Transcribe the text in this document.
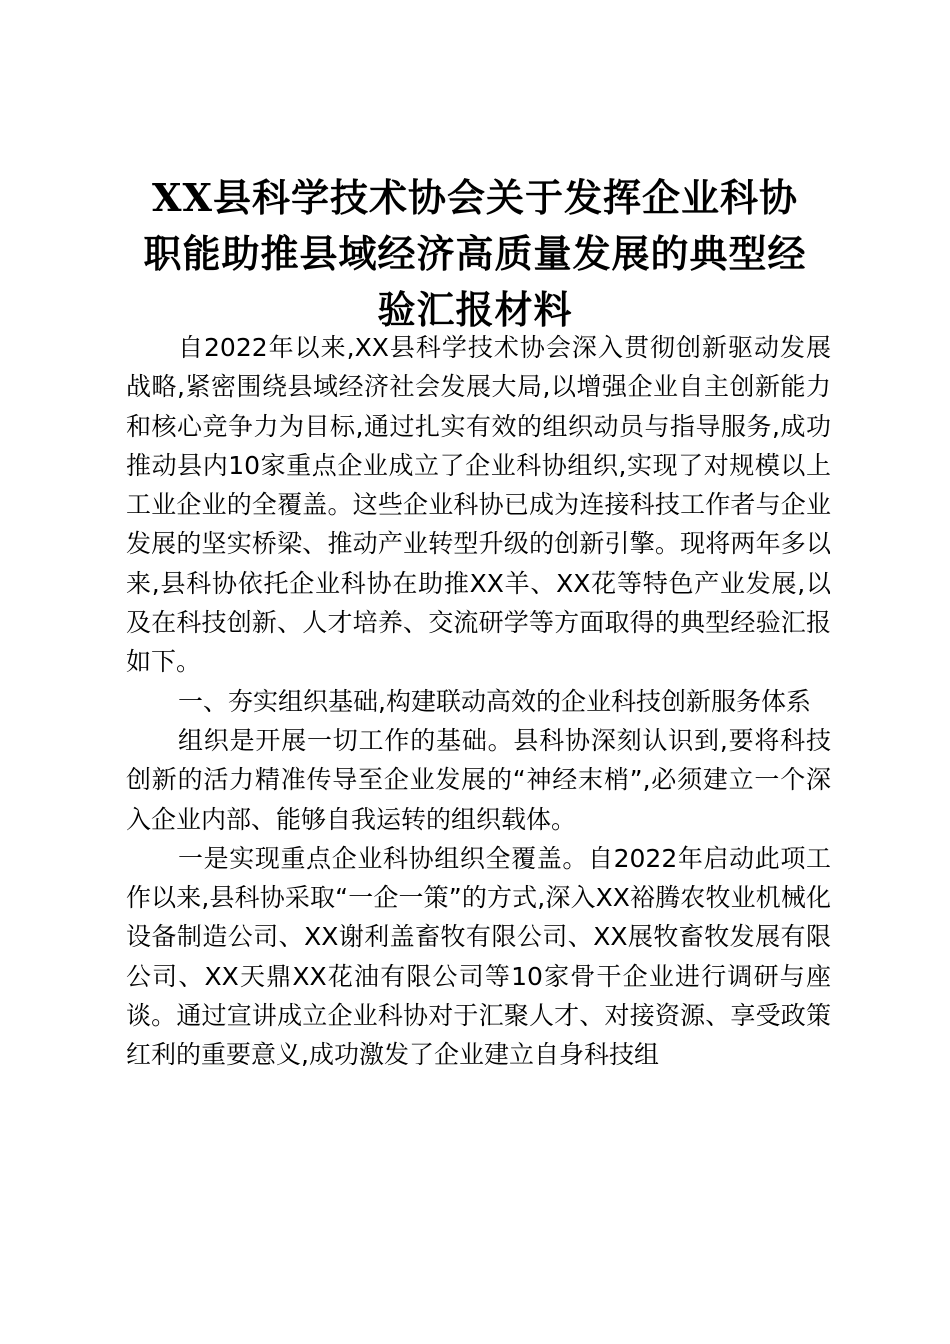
XX县科学技术协会关于发挥企业科协
职能助推县域经济高质量发展的典型经
验汇报材料

自2022年以来,XX县科学技术协会深入贯彻创新驱动发展战略,紧密围绕县域经济社会发展大局,以增强企业自主创新能力和核心竞争力为目标,通过扎实有效的组织动员与指导服务,成功推动县内10家重点企业成立了企业科协组织,实现了对规模以上工业企业的全覆盖。这些企业科协已成为连接科技工作者与企业发展的坚实桥梁、推动产业转型升级的创新引擎。现将两年多以来,县科协依托企业科协在助推XX羊、XX花等特色产业发展,以及在科技创新、人才培养、交流研学等方面取得的典型经验汇报如下。

一、夯实组织基础,构建联动高效的企业科技创新服务体系

组织是开展一切工作的基础。县科协深刻认识到,要将科技创新的活力精准传导至企业发展的“神经末梢”,必须建立一个深入企业内部、能够自我运转的组织载体。

一是实现重点企业科协组织全覆盖。自2022年启动此项工作以来,县科协采取“一企一策”的方式,深入XX裕腾农牧业机械化设备制造公司、XX谢利盖畜牧有限公司、XX展牧畜牧发展有限公司、XX天鼎XX花油有限公司等10家骨干企业进行调研与座谈。通过宣讲成立企业科协对于汇聚人才、对接资源、享受政策红利的重要意义,成功激发了企业建立自身科技组
